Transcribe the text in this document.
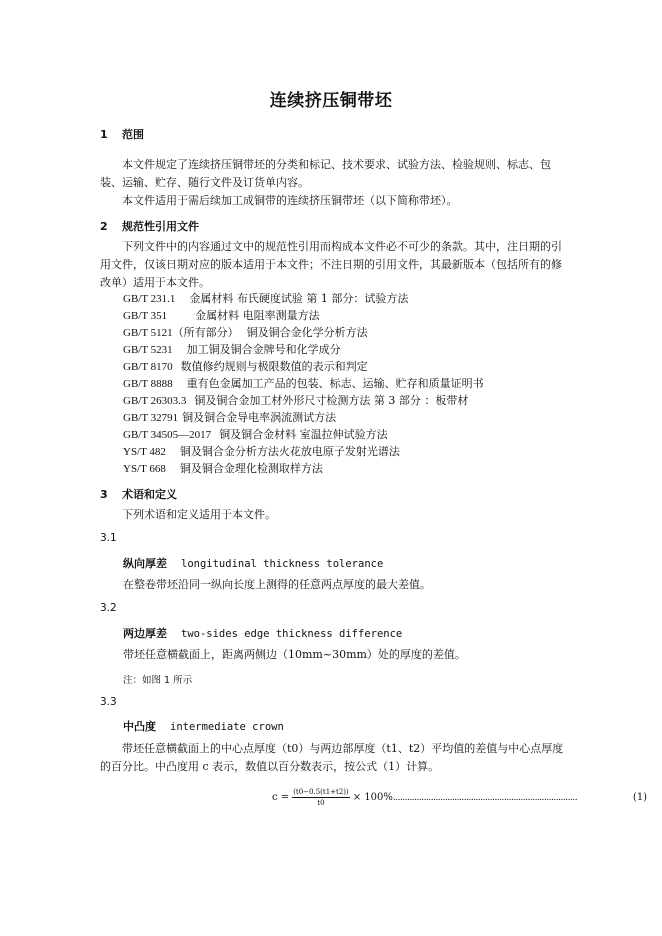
连续挤压铜带坯
1 范围
本文件规定了连续挤压铜带坯的分类和标记、技术要求、试验方法、检验规则、标志、包装、运输、贮存、随行文件及订货单内容。
本文件适用于需后续加工成铜带的连续挤压铜带坯（以下简称带坯）。
2 规范性引用文件
下列文件中的内容通过文中的规范性引用而构成本文件必不可少的条款。其中，注日期的引用文件，仅该日期对应的版本适用于本文件；不注日期的引用文件，其最新版本（包括所有的修改单）适用于本文件。
GB/T 231.1 金属材料 布氏硬度试验 第 1 部分：试验方法
GB/T 351	金属材料 电阻率测量方法
GB/T 5121（所有部分） 铜及铜合金化学分析方法
GB/T 5231 加工铜及铜合金牌号和化学成分
GB/T 8170 数值修约规则与极限数值的表示和判定
GB/T 8888 重有色金属加工产品的包装、标志、运输、贮存和质量证明书
GB/T 26303.3 铜及铜合金加工材外形尺寸检测方法 第 3 部分 ：板带材
GB/T 32791 铜及铜合金导电率涡流测试方法
GB/T 34505—2017 铜及铜合金材料 室温拉伸试验方法
YS/T 482 铜及铜合金分析方法火花放电原子发射光谱法
YS/T 668 铜及铜合金理化检测取样方法
3 术语和定义
下列术语和定义适用于本文件。
3.1
纵向厚差 longitudinal thickness tolerance
在整卷带坯沿同一纵向长度上测得的任意两点厚度的最大差值。
3.2
两边厚差 two-sides edge thickness difference
带坯任意横截面上，距离两侧边（10mm~30mm）处的厚度的差值。
注：如图 1 所示
3.3
中凸度 intermediate crown
带坯任意横截面上的中心点厚度（t0）与两边部厚度（t1、t2）平均值的差值与中心点厚度的百分比。中凸度用 c 表示，数值以百分数表示，按公式（1）计算。
$c = \frac{(t0-0.5(t1+t2))}{t0} \times 100\%$ ..............................................................................	(1)
